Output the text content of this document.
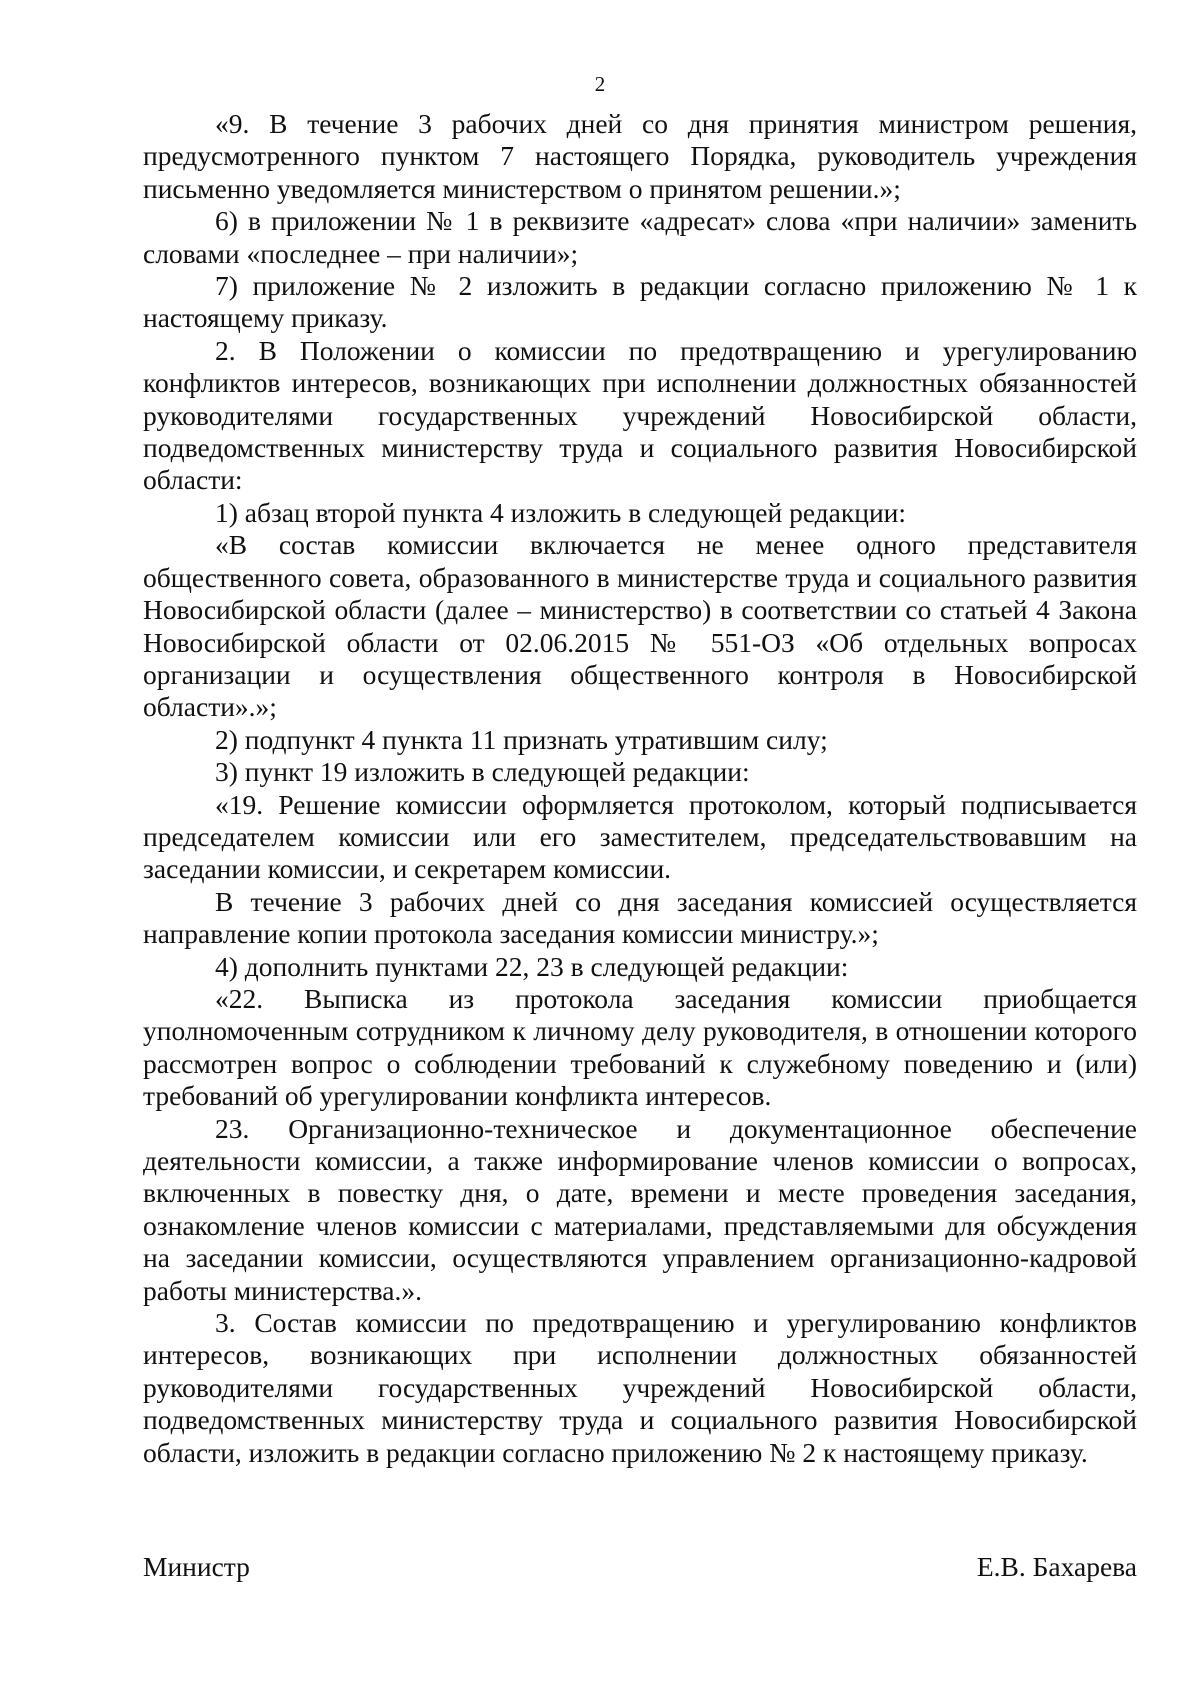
2

«9. В течение 3 рабочих дней со дня принятия министром решения, предусмотренного пунктом 7 настоящего Порядка, руководитель учреждения письменно уведомляется министерством о принятом решении.»;

6) в приложении № 1 в реквизите «адресат» слова «при наличии» заменить словами «последнее – при наличии»;

7) приложение № 2 изложить в редакции согласно приложению № 1 к настоящему приказу.

2. В Положении о комиссии по предотвращению и урегулированию конфликтов интересов, возникающих при исполнении должностных обязанностей руководителями государственных учреждений Новосибирской области, подведомственных министерству труда и социального развития Новосибирской области:

1) абзац второй пункта 4 изложить в следующей редакции:

«В состав комиссии включается не менее одного представителя общественного совета, образованного в министерстве труда и социального развития Новосибирской области (далее – министерство) в соответствии со статьей 4 Закона Новосибирской области от 02.06.2015 № 551-ОЗ «Об отдельных вопросах организации и осуществления общественного контроля в Новосибирской области».»;

2) подпункт 4 пункта 11 признать утратившим силу;

3) пункт 19 изложить в следующей редакции:

«19. Решение комиссии оформляется протоколом, который подписывается председателем комиссии или его заместителем, председательствовавшим на заседании комиссии, и секретарем комиссии.

В течение 3 рабочих дней со дня заседания комиссией осуществляется направление копии протокола заседания комиссии министру.»;

4) дополнить пунктами 22, 23 в следующей редакции:

«22. Выписка из протокола заседания комиссии приобщается уполномоченным сотрудником к личному делу руководителя, в отношении которого рассмотрен вопрос о соблюдении требований к служебному поведению и (или) требований об урегулировании конфликта интересов.

23. Организационно-техническое и документационное обеспечение деятельности комиссии, а также информирование членов комиссии о вопросах, включенных в повестку дня, о дате, времени и месте проведения заседания, ознакомление членов комиссии с материалами, представляемыми для обсуждения на заседании комиссии, осуществляются управлением организационно-кадровой работы министерства.».

3. Состав комиссии по предотвращению и урегулированию конфликтов интересов, возникающих при исполнении должностных обязанностей руководителями государственных учреждений Новосибирской области, подведомственных министерству труда и социального развития Новосибирской области, изложить в редакции согласно приложению № 2 к настоящему приказу.

Министр	Е.В. Бахарева
